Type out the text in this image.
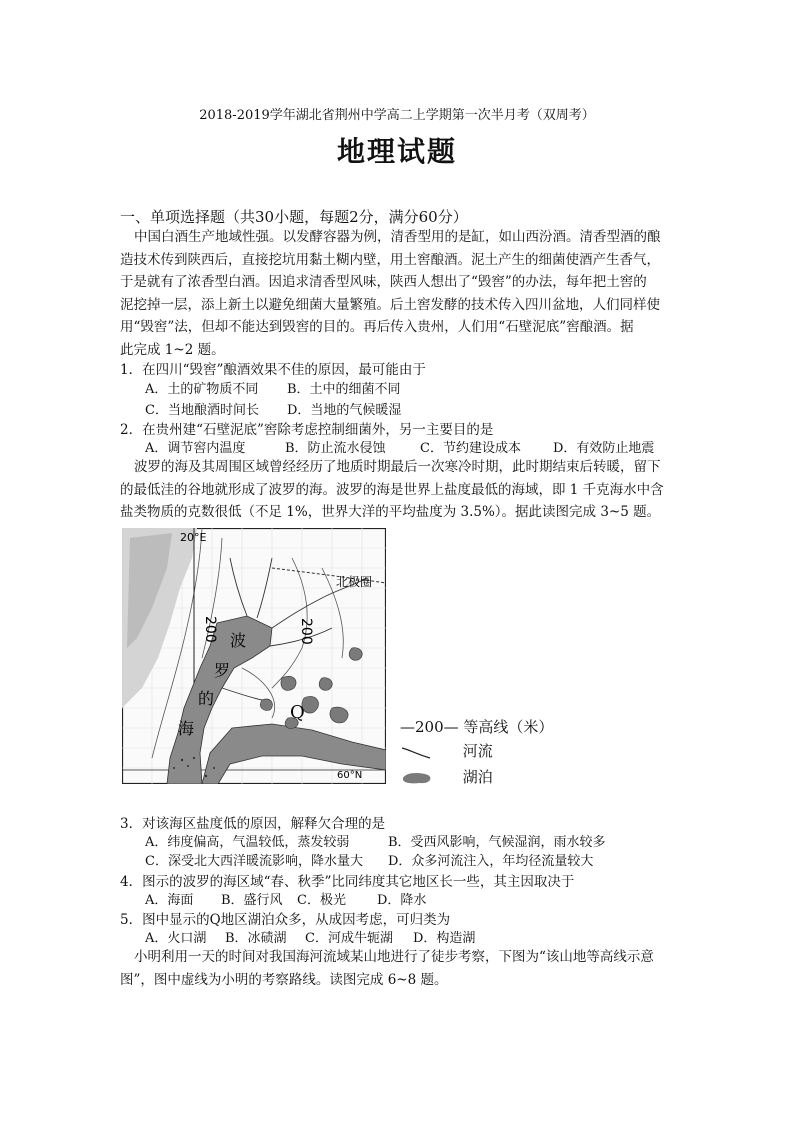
2018-2019学年湖北省荆州中学高二上学期第一次半月考（双周考）
地理试题
一、单项选择题（共30小题，每题2分，满分60分）
中国白酒生产地域性强。以发酵容器为例，清香型用的是缸，如山西汾酒。清香型酒的酿
造技术传到陕西后，直接挖坑用黏土糊内壁，用土窖酿酒。泥土产生的细菌使酒产生香气，
于是就有了浓香型白酒。因追求清香型风味，陕西人想出了“毁窖”的办法，每年把土窖的
泥挖掉一层，添上新土以避免细菌大量繁殖。后土窖发酵的技术传入四川盆地，人们同样使
用“毁窖”法，但却不能达到毁窖的目的。再后传入贵州，人们用“石壁泥底”窖酿酒。据
此完成 1~2 题。
1．在四川“毁窖”酿酒效果不佳的原因，最可能由于
A．土的矿物质不同 B．土中的细菌不同
C．当地酿酒时间长 D．当地的气候暖湿
2．在贵州建“石壁泥底”窖除考虑控制细菌外，另一主要目的是
A．调节窖内温度	B．防止流水侵蚀	C．节约建设成本 D．有效防止地震
波罗的海及其周围区域曾经经历了地质时期最后一次寒冷时期，此时期结束后转暖，留下
的最低洼的谷地就形成了波罗的海。波罗的海是世界上盐度最低的海域，即 1 千克海水中含
盐类物质的克数很低（不足 1%，世界大洋的平均盐度为 3.5%）。据此读图完成 3~5 题。
20°E
60°N
北极圈
200	200
波
罗
的
海
Q
—200— 等高线（米）
河流
湖泊
3．对该海区盐度低的原因，解释欠合理的是
A．纬度偏高，气温较低，蒸发较弱	B．受西风影响，气候湿润，雨水较多
C．深受北大西洋暖流影响，降水量大 D．众多河流注入，年均径流量较大
4．图示的波罗的海区域“春、秋季”比同纬度其它地区长一些，其主因取决于
A．海面 B．盛行风 C．极光 D．降水
5．图中显示的Q地区湖泊众多，从成因考虑，可归类为
A．火口湖 B．冰碛湖 C．河成牛轭湖 D．构造湖
小明利用一天的时间对我国海河流域某山地进行了徒步考察，下图为“该山地等高线示意
图”，图中虚线为小明的考察路线。读图完成 6~8 题。
